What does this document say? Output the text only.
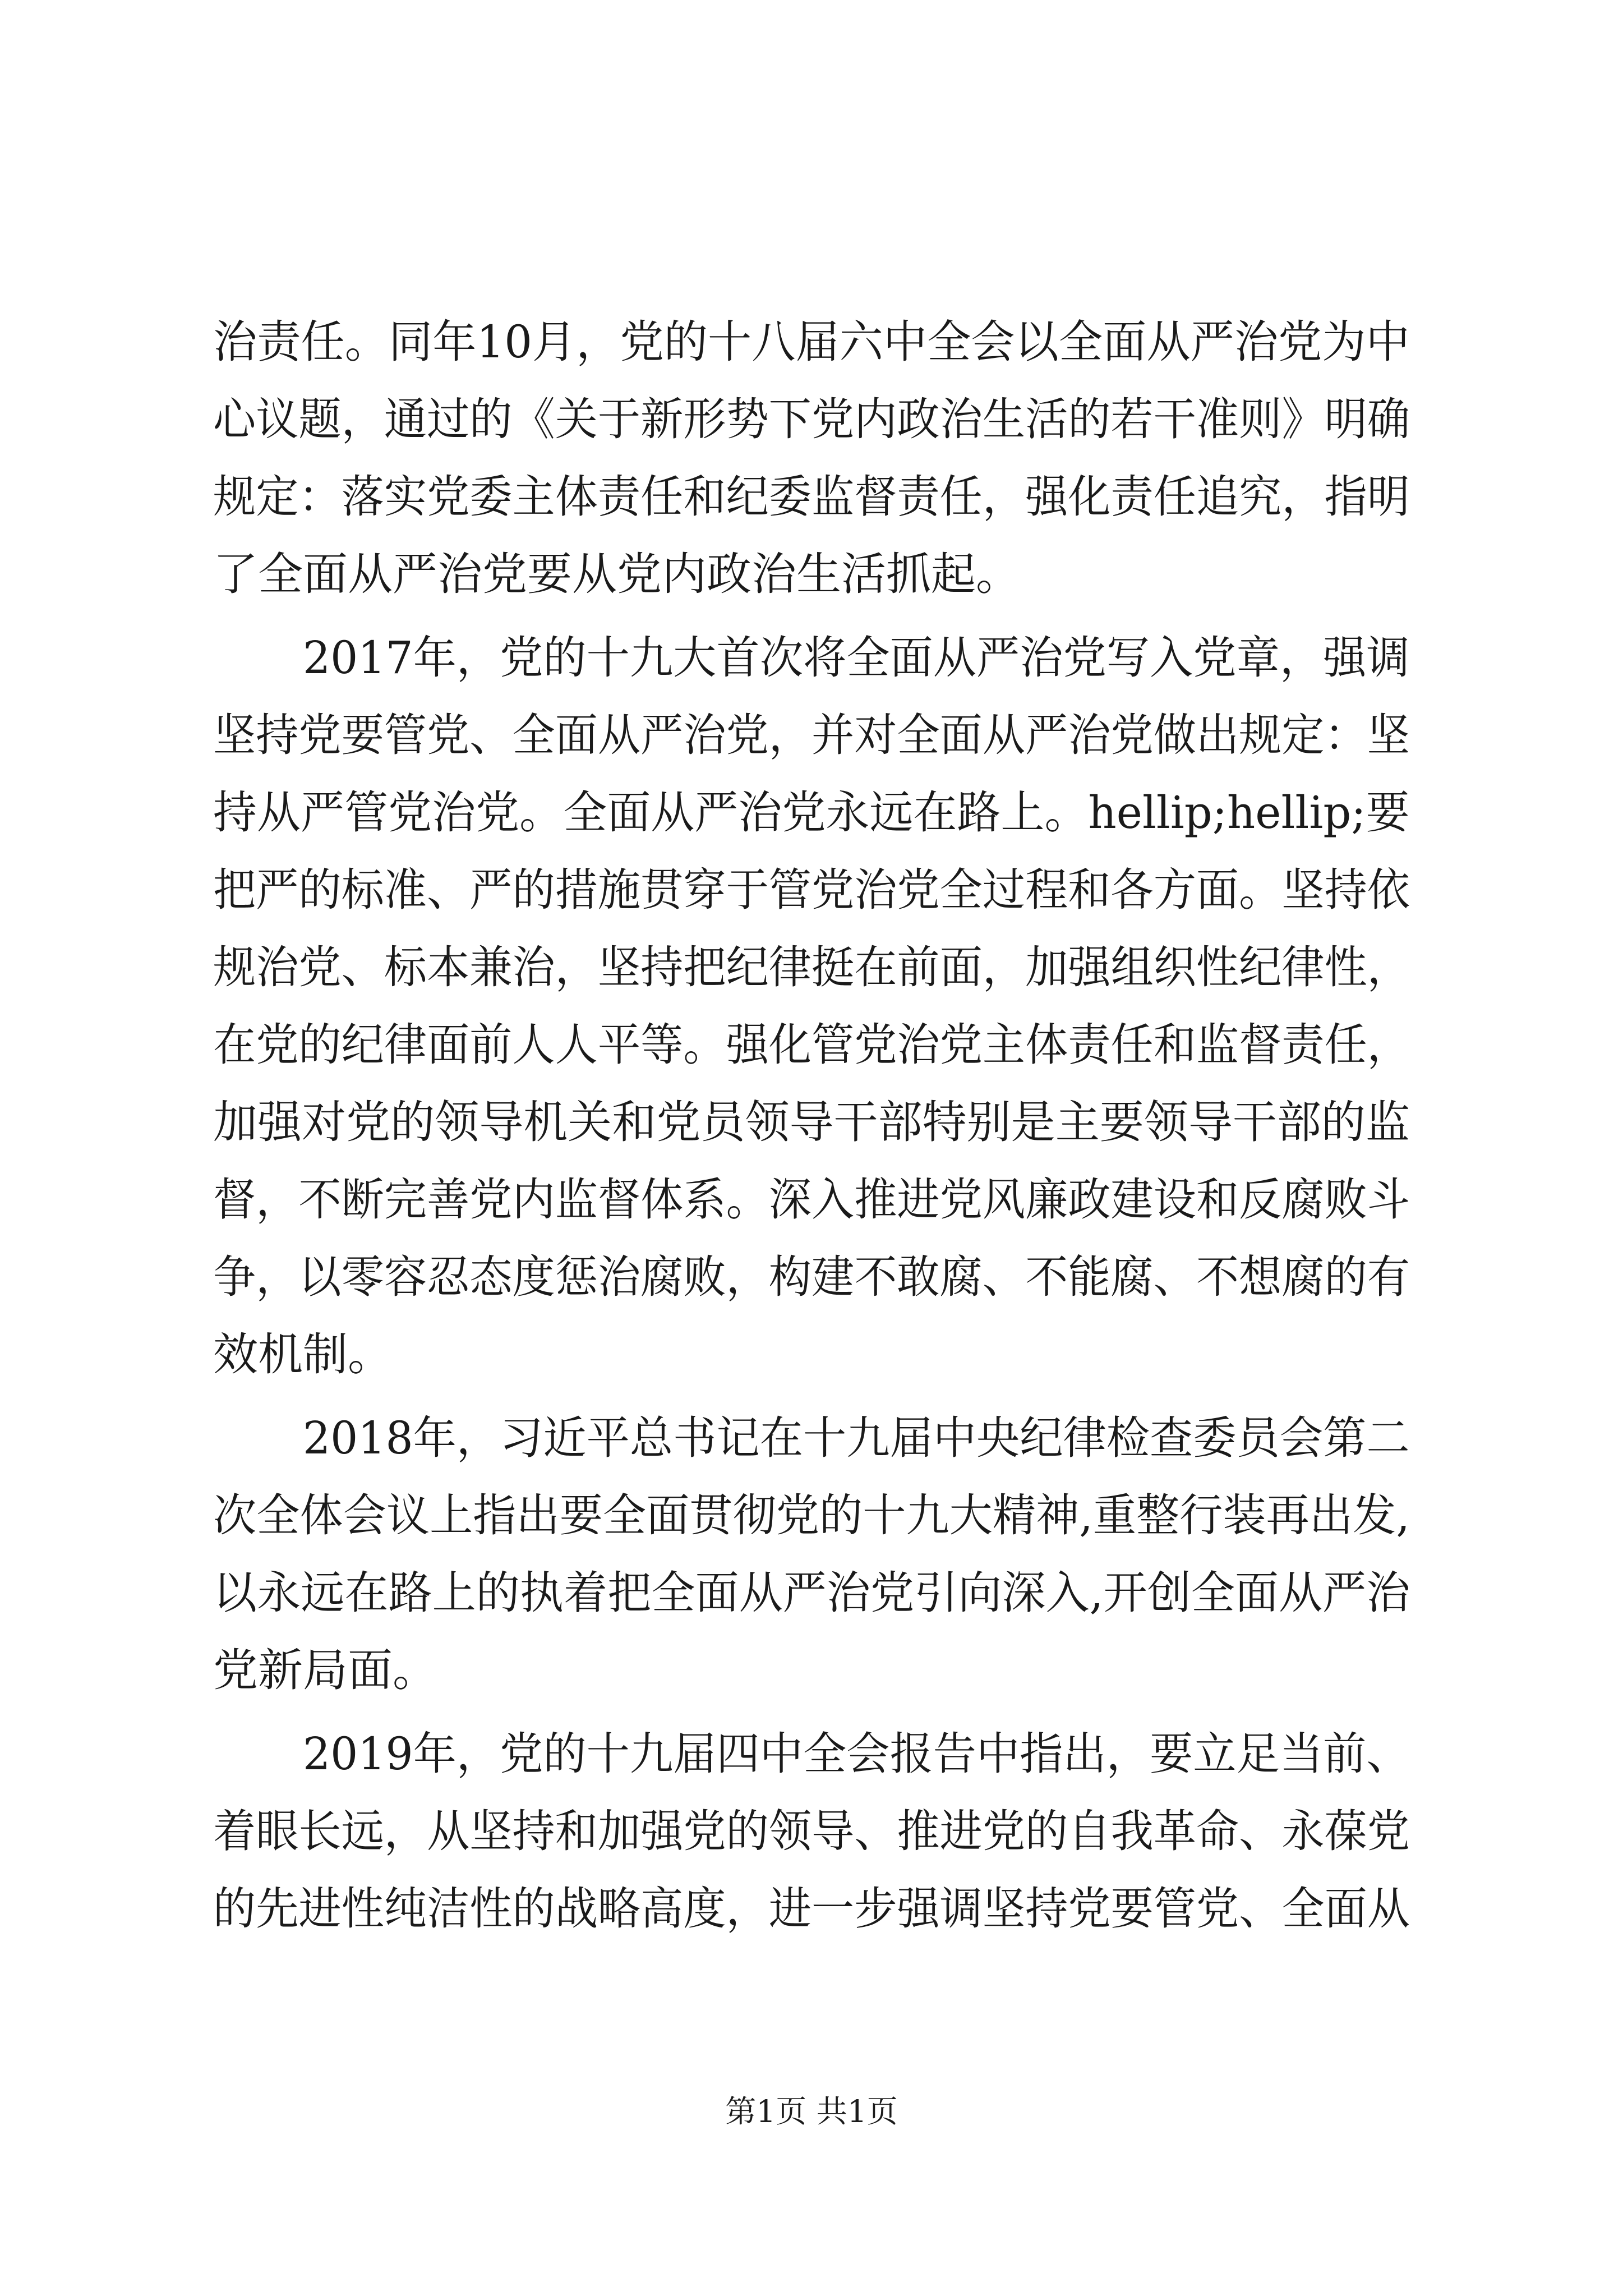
治责任。同年10月，党的十八届六中全会以全面从严治党为中
心议题，通过的《关于新形势下党内政治生活的若干准则》明确
规定：落实党委主体责任和纪委监督责任，强化责任追究，指明
了全面从严治党要从党内政治生活抓起。
2017年，党的十九大首次将全面从严治党写入党章，强调
坚持党要管党、全面从严治党，并对全面从严治党做出规定：坚
持从严管党治党。全面从严治党永远在路上。hellip;hellip;要
把严的标准、严的措施贯穿于管党治党全过程和各方面。坚持依
规治党、标本兼治，坚持把纪律挺在前面，加强组织性纪律性，
在党的纪律面前人人平等。强化管党治党主体责任和监督责任，
加强对党的领导机关和党员领导干部特别是主要领导干部的监
督，不断完善党内监督体系。深入推进党风廉政建设和反腐败斗
争，以零容忍态度惩治腐败，构建不敢腐、不能腐、不想腐的有
效机制。
2018年，习近平总书记在十九届中央纪律检查委员会第二
次全体会议上指出要全面贯彻党的十九大精神,重整行装再出发,
以永远在路上的执着把全面从严治党引向深入,开创全面从严治
党新局面。
2019年，党的十九届四中全会报告中指出，要立足当前、
着眼长远，从坚持和加强党的领导、推进党的自我革命、永葆党
的先进性纯洁性的战略高度，进一步强调坚持党要管党、全面从
第1页 共1页
